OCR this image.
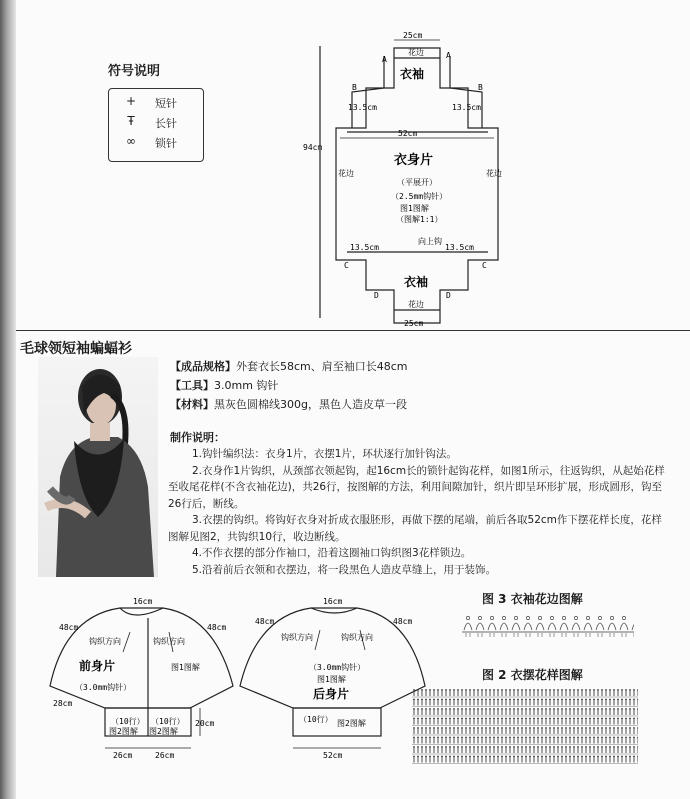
符号说明
+	短针
Ŧ	长针
∞	锁针
25cm
花边
A	A
衣袖
B	B
13.5cm	13.5cm
52cm
94cm
花边	花边
衣身片
（平展开）
（2.5mm钩针）
图1图解
（图解1:1）
向上钩
13.5cm	13.5cm
C	C
衣袖
D	D
花边
25cm
毛球领短袖蝙蝠衫
【成品规格】外套衣长58cm、肩至袖口长48cm
【工具】3.0mm 钩针
【材料】黑灰色圆棉线300g，黑色人造皮草一段
制作说明：

1.钩针编织法：衣身1片，衣摆1片，环状逐行加针钩法。

2.衣身作1片钩织，从颈部衣领起钩，起16cm长的锁针起钩花样，如图1所示，往返钩织，从起始花样至收尾花样(不含衣袖花边)，共26行，按图解的方法，利用间隙加针，织片即呈环形扩展，形成圆形，钩至26行后，断线。

3.衣摆的钩织。将钩好衣身对折成衣服胚形，再做下摆的尾端，前后各取52cm作下摆花样长度，花样图解见图2，共钩织10行，收边断线。

4.不作衣摆的部分作袖口，沿着这圈袖口钩织图3花样锁边。

5.沿着前后衣领和衣摆边，将一段黑色人造皮草缝上，用于装饰。

16cm
48cm	48cm
钩织方向	钩织方向
前身片	图1图解
（3.0mm钩针）
28cm
（10行）
图2图解
（10行）
图2图解
20cm
26cm	26cm
16cm
48cm	48cm
钩织方向	钩织方向
（3.0mm钩针）
图1图解
后身片
（10行） 图2图解
52cm
图 3 衣袖花边图解
图 2 衣摆花样图解
